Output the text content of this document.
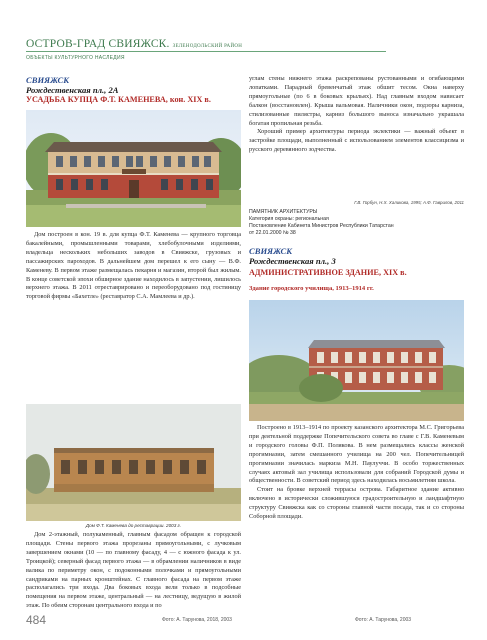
ОСТРОВ-ГРАД СВИЯЖСК. ЗЕЛЕНОДОЛЬСКИЙ РАЙОН
ОБЪЕКТЫ КУЛЬТУРНОГО НАСЛЕДИЯ
СВИЯЖСК
Рождественская пл., 2А
УСАДЬБА КУПЦА Ф.Т. КАМЕНЕВА, кон. XIX в.

Дом построен в кон. 19 в. для купца Ф.Т. Каменева — крупного торговца бакалейными, промышленными товарами, хлебобулочными изделиями, владельца нескольких небольших заводов в Свияжске, грузовых и пассажирских пароходов. В дальнейшем дом перешел к его сыну — В.Ф. Каменеву. В первом этаже размещалась пекарня и магазин, второй был жилым. В конце советской эпохи обширное здание находилось в запустении, лишилось верхнего этажа. В 2011 отреставрировано и переоборудовано под гостиницу торговой фирмы «Бахетле» (реставратор С.А. Мамлеева и др.).

Дом Ф.Т. Каменева до реставрации. 2003 г.

Дом 2-этажный, полукаменный, главным фасадом обращен к городской площади. Стены первого этажа прорезаны прямоугольными, с лучковым завершением окнами (10 — по главному фасаду, 4 — с южного фасада к ул. Троицкой); северный фасад первого этажа — в обрамлении наличников в виде валика по периметру окон, с подоконными полочками и прямоугольными сандриками на парных кронштейнах. С главного фасада на первом этаже располагались три входа. Два боковых входа вели только в подсобные помещения на первом этаже, центральный — на лестницу, ведущую в жилой этаж. По обеим сторонам центрального входа и по

углам стены нижнего этажа раскрепованы рустованными и огибающими лопатками. Парадный бревенчатый этаж обшит тесом. Окна наверху прямоугольные (по 6 в боковых крыльях). Над главным входом нависает балкон (восстановлен). Крыша вальмовая. Наличники окон, подзоры карниза, стилизованные пилястры, карниз большого выноса изначально украшала богатая пропильная резьба.

Хороший пример архитектуры периода эклектики — важный объект в застройке площади, выполненный с использованием элементов классицизма и русского деревянного зодчества.

Г.В. Горбун, Н.Х. Халикова, 1995; А.Ф. Гаврилов, 2011
ПАМЯТНИК АРХИТЕКТУРЫ
Категория охраны: региональная
Постановление Кабинета Министров Республики Татарстан
от 22.01.2000 № 38
СВИЯЖСК
Рождественская пл., 3
АДМИНИСТРАТИВНОЕ ЗДАНИЕ, XIX в.
Здание городского училища, 1913–1914 гг.

Построено в 1913–1914 по проекту казанского архитектора М.С. Григорьева при деятельной поддержке Попечительского совета во главе с Г.В. Каменевым и городского головы Ф.П. Полякова. В нем размещались классы женской прогимназии, затем смешанного училища на 200 чел. Попечительницей прогимназии значилась маркиза М.Н. Паулуччи. В особо торжественных случаях актовый зал училища использовали для собраний Городской думы и общественности. В советский период здесь находилась восьмилетняя школа.

Стоит на бровке верхней террасы острова. Габаритное здание активно включено в исторически сложившуюся градостроительную и ландшафтную структуру Свияжска как со стороны главной части посада, так и со стороны Соборной площади.

484	Фото: А. Тарунова, 2018, 2003	Фото: А. Тарунова, 2003
